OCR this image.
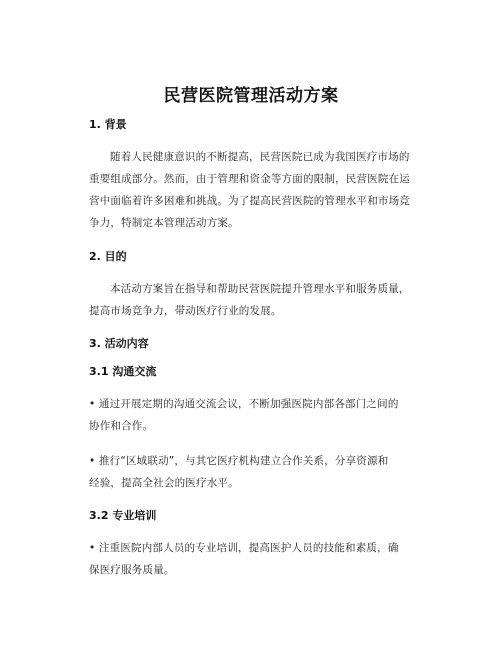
民营医院管理活动方案
1. 背景
随着人民健康意识的不断提高，民营医院已成为我国医疗市场的
重要组成部分。然而，由于管理和资金等方面的限制，民营医院在运
营中面临着许多困难和挑战。为了提高民营医院的管理水平和市场竞
争力，特制定本管理活动方案。
2. 目的
本活动方案旨在指导和帮助民营医院提升管理水平和服务质量，
提高市场竞争力，带动医疗行业的发展。
3. 活动内容
3.1 沟通交流
• 通过开展定期的沟通交流会议，不断加强医院内部各部门之间的
协作和合作。
• 推行“区域联动”，与其它医疗机构建立合作关系，分享资源和
经验，提高全社会的医疗水平。
3.2 专业培训
• 注重医院内部人员的专业培训，提高医护人员的技能和素质，确
保医疗服务质量。
